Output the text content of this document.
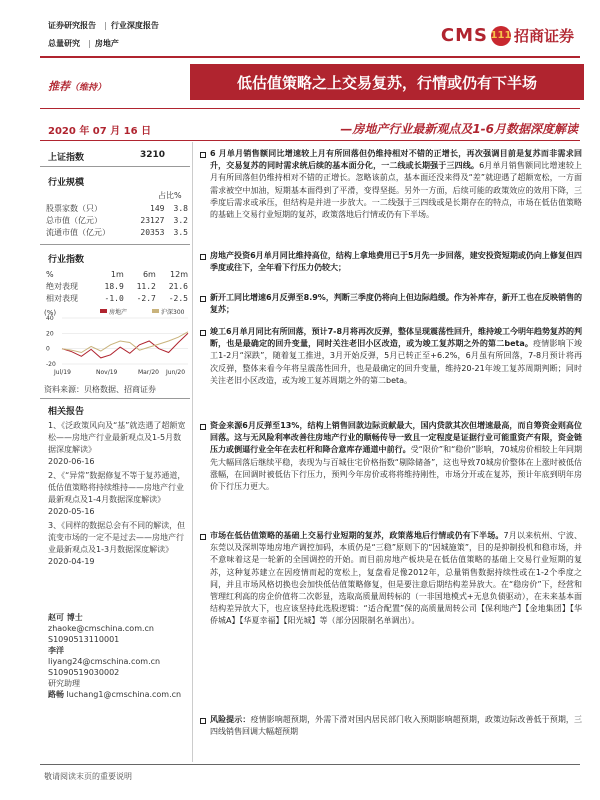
证券研究报告 | 行业深度报告
总量研究 | 房地产	CMS 111 招商证券
推荐（维持）	低估值策略之上交易复苏，行情或仍有下半场
2020 年 07 月 16 日	—房地产行业最新观点及1-6月数据深度解读
上证指数	3210
行业规模
占比%
股票家数（只）	149	3.8
总市值（亿元）	23127	3.2
流通市值（亿元）	20353	3.5
行业指数
%	1m	6m	12m
绝对表现	18.9	11.2	21.6
相对表现	-1.0	-2.7	-2.5
(%)
40
20
0
-20
房地产	沪深300
Jul/19	Nov/19	Mar/20 Jun/20
资料来源：贝格数据、招商证券
相关报告
1、《泛政策风向及“基”就迭遇了超额宽松——房地产行业最新观点及1-5月数据深度解读》
2020-06-16
2、《“异常”数据修复不等于复苏通道，低估值策略将持续维持——房地产行业最新观点及1-4月数据深度解读》
2020-05-16
3、《同样的数据总会有不同的解读，但流变市场的一定不是过去——房地产行业最新观点及1-3月数据深度解读》
2020-04-19
赵可 博士
zhaoke@cmschina.com.cn
S1090513110001
李洋
liyang24@cmschina.com.cn
S1090519030002
研究助理
路畅 luchang1@cmschina.com.cn
6 月单月销售额同比增速较上月有所回落但仍维持相对不错的正增长，再次强调目前是复苏而非需求回升，交易复苏的同时需求统后续的基本面分化，一二线或长期强于三四线。6月单月销售额同比增速较上月有所回落但仍维持相对不错的正增长。忽略该前点，基本面还没来得及“差”就迎遇了超额宽松，一方面需求被空中加油，短期基本面得到了平滑，变得坚挺。另外一方面，后续可能的政策效应的效用下降，三季度后需求或承压，但结构是并进一步放大。一二线强于三四线或是长期存在的特点，市场在低估值策略的基础上交易行业短期的复苏，政策落地后行情或仍有下半场。
房地产投资6月单月同比维持高位，结构上拿地费用已于5月先一步回落，建安投资短期或仍向上修复但四季度或往下，全年看下行压力仍较大；
新开工同比增速6月反弹至8.9%，判断三季度仍将向上但边际趋缓。作为补库存，新开工也在反映销售的复苏；
竣工6月单月同比有所回落，预计7-8月将再次反弹，整体呈现震荡性回升，维持竣工今明年趋势复苏的判断，也是最确定的回升变量，同时关注老旧小区改造，或为竣工复苏期之外的第二beta。疫情影响下竣工1-2月“深跌”，随着复工推进，3月开始反弹，5月已转正至+6.2%，6月虽有所回落，7-8月预计将再次反弹，整体来看今年将呈震荡性回升，也是最确定的回升变量，维持20-21年竣工复苏周期判断；同时关注老旧小区改造，或为竣工复苏周期之外的第二beta。
资金来源6月反弹至13%，结构上销售回款边际贡献最大，国内贷款其次但增速最高，而自筹资金则高位回落。这与无风险利率改善往房地产行业的顺畅传导一致且一定程度是证据行业可能重资产有限，资金链压力或倒逼行业全年在去杠杆和降合意库存通道中前行。受“限价”和“稳价”影响，70城房价相较上年同期先大幅回落后继续平稳，表现为与百城住宅价格指数“剔除储备”，这也导致70城房价整体在上涨时被低估涨幅，在回调时被低估下行压力，预判今年房价或将将维持刚性，市场分开或在复苏，预计年底到明年房价下行压力更大。
市场在低估值策略的基础上交易行业短期的复苏，政策落地后行情或仍有下半场。7月以来杭州、宁波、东莞以及深圳等地房地产调控加码，本质仍是“三稳”原则下的“因城施策”，目的是抑制投机和稳市场，并不意味着这是一轮新的全国调控的开始。而目前房地产板块是在低估值策略的基础上交易行业短期的复苏，这种复苏建立在因疫情而起的宽松上，复盘看足像2012年，总量销售数据持续性或在1-2个季度之间，并且市场风格切换也会加快低估值策略修复，但是要注意后期结构差异放大。在“稳房价”下，经营和管理红利高的房企价值将二次彰显，选取高质量周转标的（一非国地模式+无息负债驱动），在未来基本面结构差异放大下，也应该坚持此选股逻辑：“适合配置”保的高质量周转公司【保利地产】【金地集团】【华侨城A】【华夏幸福】【阳光城】等（部分因限制名单调出）。
风险提示：疫情影响超预期，外需下滑对国内居民部门收入预期影响超预期，政策边际改善低于预期，三四线销售回调大幅超预期
敬请阅读末页的重要说明
